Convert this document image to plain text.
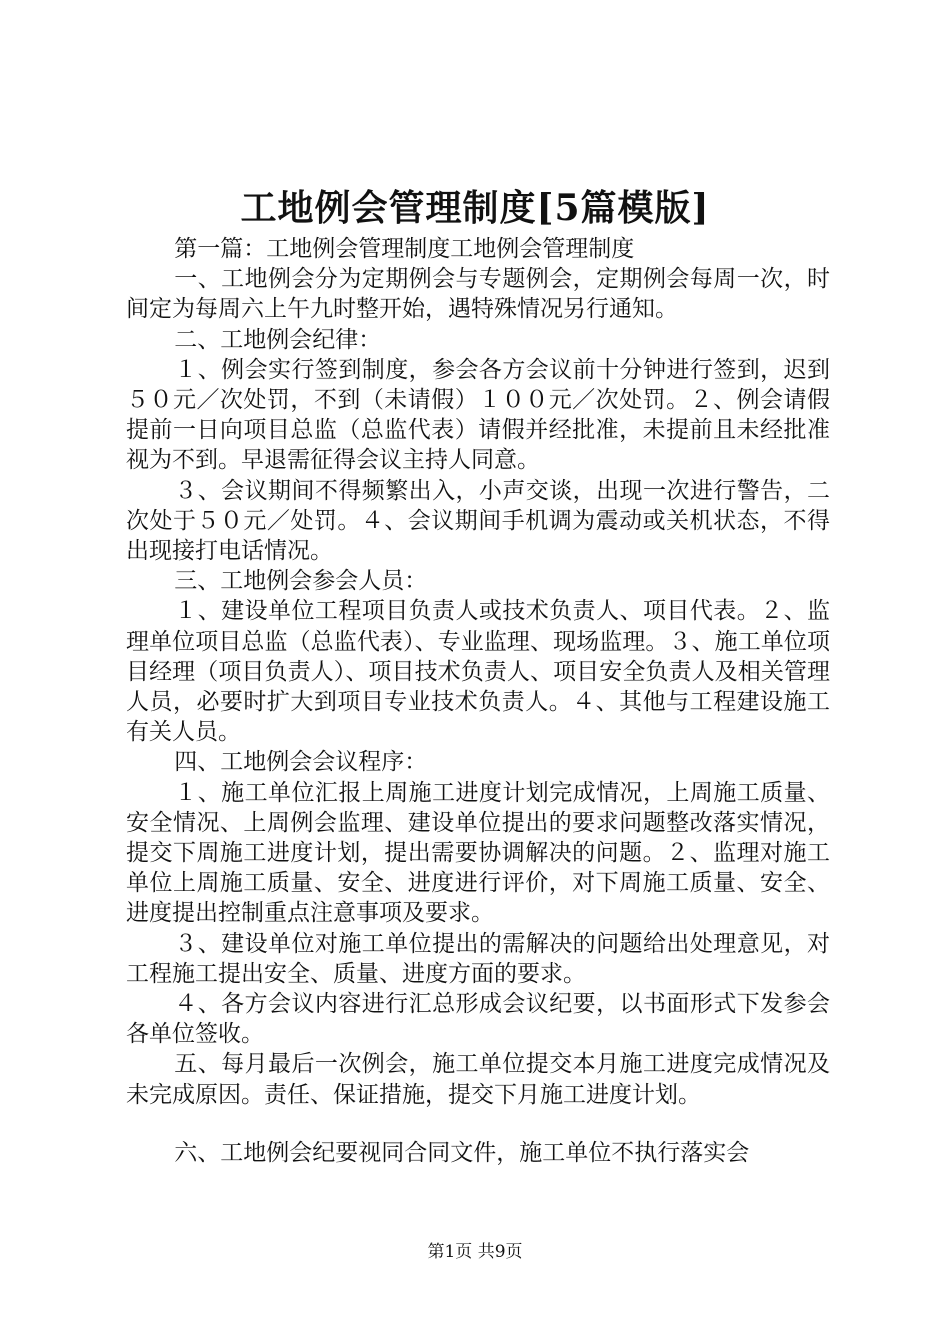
工地例会管理制度[5篇模版]

第一篇：工地例会管理制度工地例会管理制度

一、工地例会分为定期例会与专题例会，定期例会每周一次，时间定为每周六上午九时整开始，遇特殊情况另行通知。

二、工地例会纪律：

１、例会实行签到制度，参会各方会议前十分钟进行签到，迟到５０元／次处罚，不到（未请假）１００元／次处罚。２、例会请假提前一日向项目总监（总监代表）请假并经批准，未提前且未经批准视为不到。早退需征得会议主持人同意。

３、会议期间不得频繁出入，小声交谈，出现一次进行警告，二次处于５０元／处罚。４、会议期间手机调为震动或关机状态，不得出现接打电话情况。

三、工地例会参会人员：

１、建设单位工程项目负责人或技术负责人、项目代表。２、监理单位项目总监（总监代表）、专业监理、现场监理。３、施工单位项目经理（项目负责人）、项目技术负责人、项目安全负责人及相关管理人员，必要时扩大到项目专业技术负责人。４、其他与工程建设施工有关人员。

四、工地例会会议程序：

１、施工单位汇报上周施工进度计划完成情况，上周施工质量、安全情况、上周例会监理、建设单位提出的要求问题整改落实情况，提交下周施工进度计划，提出需要协调解决的问题。２、监理对施工单位上周施工质量、安全、进度进行评价，对下周施工质量、安全、进度提出控制重点注意事项及要求。

３、建设单位对施工单位提出的需解决的问题给出处理意见，对工程施工提出安全、质量、进度方面的要求。

４、各方会议内容进行汇总形成会议纪要，以书面形式下发参会各单位签收。

五、每月最后一次例会，施工单位提交本月施工进度完成情况及未完成原因。责任、保证措施，提交下月施工进度计划。

六、工地例会纪要视同合同文件，施工单位不执行落实会

第1页 共9页
